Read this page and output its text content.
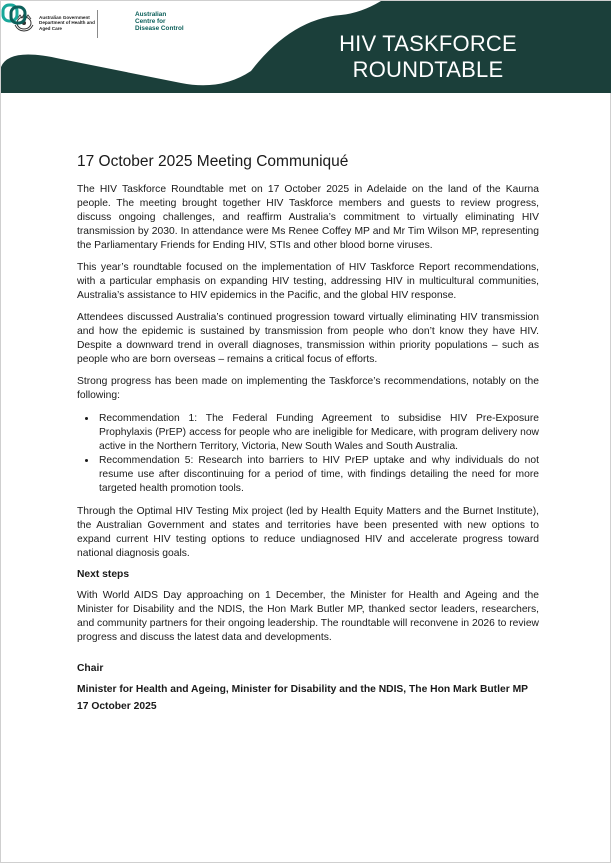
Australian Government Department of Health and Aged Care
Australian Centre for Disease Control
HIV TASKFORCE ROUNDTABLE
17 October 2025 Meeting Communiqué

The HIV Taskforce Roundtable met on 17 October 2025 in Adelaide on the land of the Kaurna people. The meeting brought together HIV Taskforce members and guests to review progress, discuss ongoing challenges, and reaffirm Australia’s commitment to virtually eliminating HIV transmission by 2030. In attendance were Ms Renee Coffey MP and Mr Tim Wilson MP, representing the Parliamentary Friends for Ending HIV, STIs and other blood borne viruses.

This year’s roundtable focused on the implementation of HIV Taskforce Report recommendations, with a particular emphasis on expanding HIV testing, addressing HIV in multicultural communities, Australia’s assistance to HIV epidemics in the Pacific, and the global HIV response.

Attendees discussed Australia’s continued progression toward virtually eliminating HIV transmission and how the epidemic is sustained by transmission from people who don’t know they have HIV. Despite a downward trend in overall diagnoses, transmission within priority populations – such as people who are born overseas – remains a critical focus of efforts.

Strong progress has been made on implementing the Taskforce’s recommendations, notably on the following:

• Recommendation 1: The Federal Funding Agreement to subsidise HIV Pre-Exposure Prophylaxis (PrEP) access for people who are ineligible for Medicare, with program delivery now active in the Northern Territory, Victoria, New South Wales and South Australia.
• Recommendation 5: Research into barriers to HIV PrEP uptake and why individuals do not resume use after discontinuing for a period of time, with findings detailing the need for more targeted health promotion tools.

Through the Optimal HIV Testing Mix project (led by Health Equity Matters and the Burnet Institute), the Australian Government and states and territories have been presented with new options to expand current HIV testing options to reduce undiagnosed HIV and accelerate progress toward national diagnosis goals.

Next steps

With World AIDS Day approaching on 1 December, the Minister for Health and Ageing and the Minister for Disability and the NDIS, the Hon Mark Butler MP, thanked sector leaders, researchers, and community partners for their ongoing leadership. The roundtable will reconvene in 2026 to review progress and discuss the latest data and developments.

Chair
Minister for Health and Ageing, Minister for Disability and the NDIS, The Hon Mark Butler MP
17 October 2025
